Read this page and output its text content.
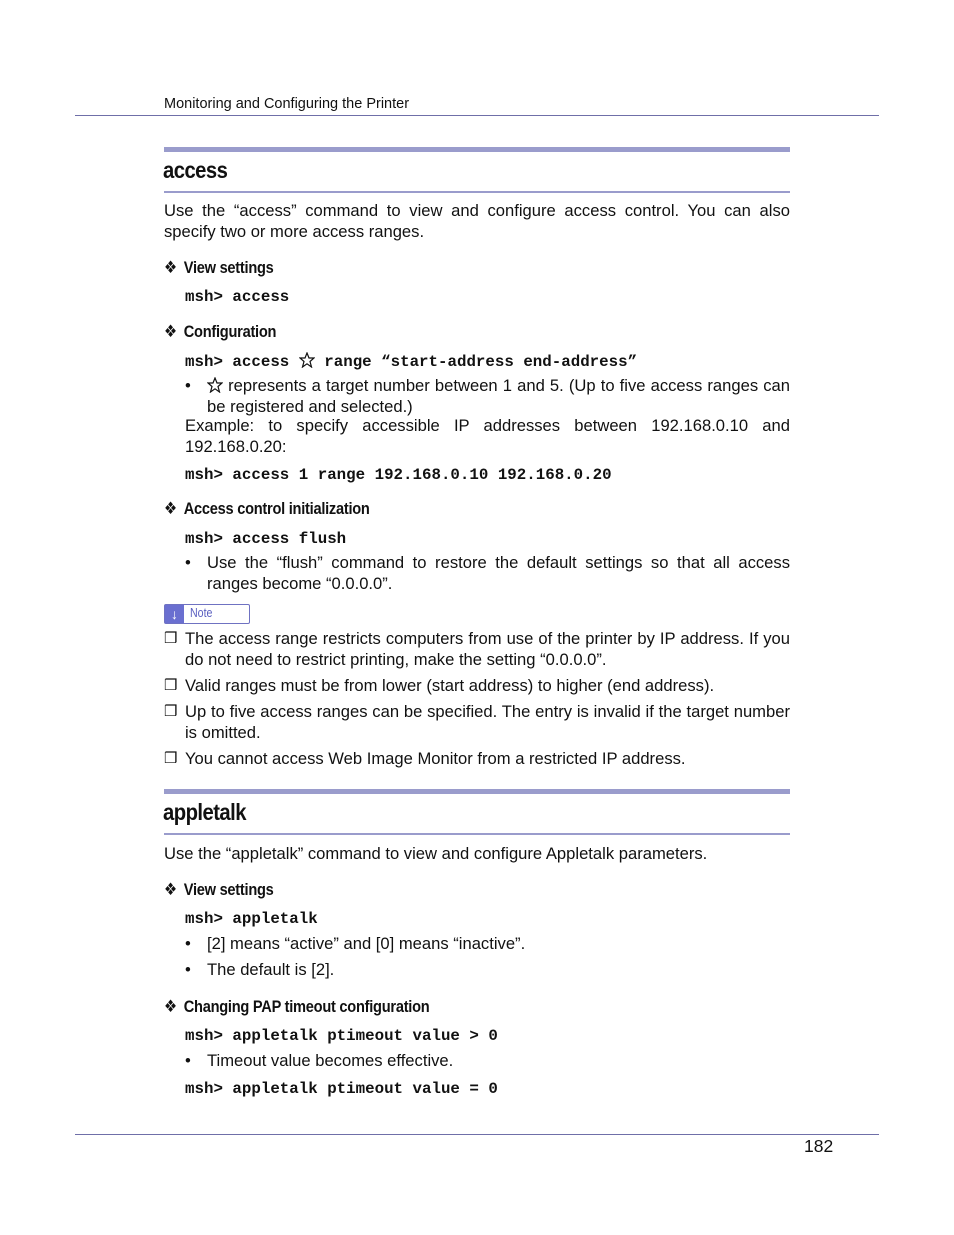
Monitoring and Configuring the Printer
access
Use the “access” command to view and configure access control. You can also specify two or more access ranges.
❖ View settings
msh> access
❖ Configuration
msh> access range “start-address end-address”
•	represents a target number between 1 and 5. (Up to five access ranges can be registered and selected.)
Example: to specify accessible IP addresses between 192.168.0.10 and 192.168.0.20:
msh> access 1 range 192.168.0.10 192.168.0.20
❖ Access control initialization
msh> access flush
• Use the “flush” command to restore the default settings so that all access ranges become “0.0.0.0”.
↓ Note
❒ The access range restricts computers from use of the printer by IP address. If you do not need to restrict printing, make the setting “0.0.0.0”.
❒ Valid ranges must be from lower (start address) to higher (end address).
❒ Up to five access ranges can be specified. The entry is invalid if the target number is omitted.
❒ You cannot access Web Image Monitor from a restricted IP address.
appletalk
Use the “appletalk” command to view and configure Appletalk parameters.
❖ View settings
msh> appletalk
• [2] means “active” and [0] means “inactive”.
• The default is [2].
❖ Changing PAP timeout configuration
msh> appletalk ptimeout value > 0
• Timeout value becomes effective.
msh> appletalk ptimeout value = 0
182
